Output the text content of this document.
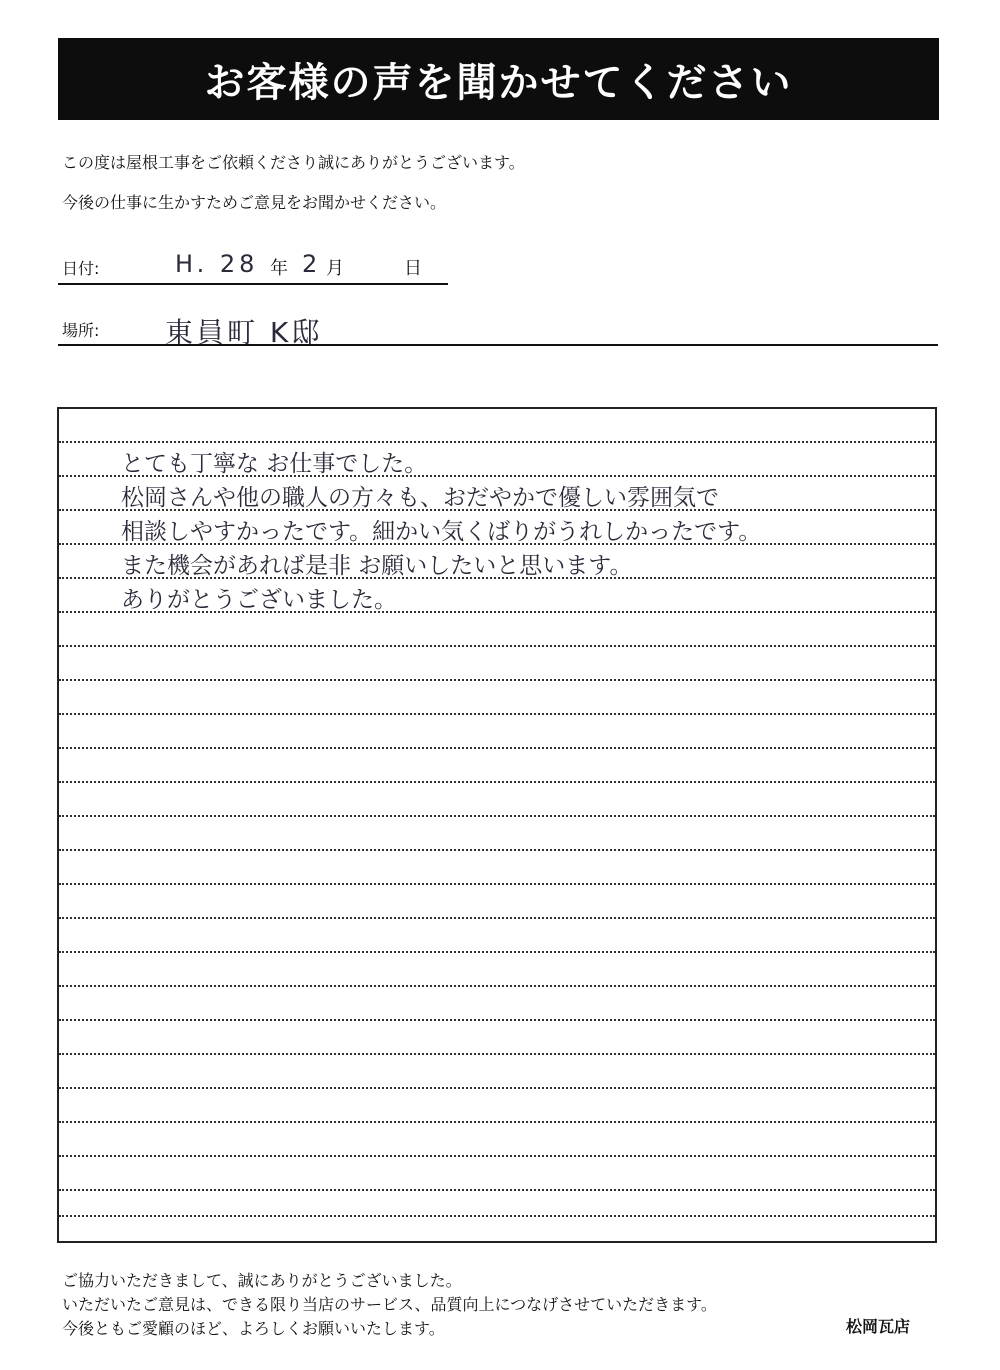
お客様の声を聞かせてください
この度は屋根工事をご依頼くださり誠にありがとうございます。
今後の仕事に生かすためご意見をお聞かせください。
日付:	H. 28 年 2 月	日
場所: 東員町 K邸
とても丁寧な お仕事でした。
松岡さんや他の職人の方々も、おだやかで優しい雰囲気で
相談しやすかったです。細かい気くばりがうれしかったです。
また機会があれば是非 お願いしたいと思います。
ありがとうございました。
ご協力いただきまして、誠にありがとうございました。
いただいたご意見は、できる限り当店のサービス、品質向上につなげさせていただきます。
今後ともご愛顧のほど、よろしくお願いいたします。	松岡瓦店
